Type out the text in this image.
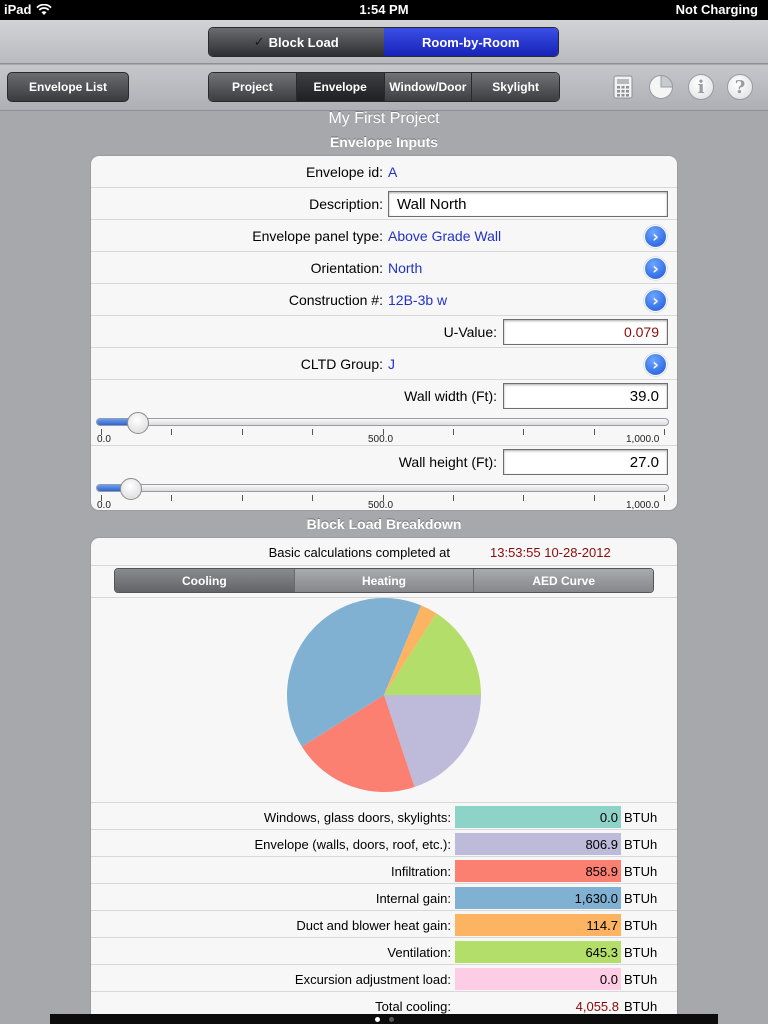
iPad	1:54 PM	Not Charging
✓ Block Load	Room-by-Room
Envelope List	Project	Envelope	Window/Door	Skylight	i	?
My First Project
Envelope Inputs
Envelope id: A
Description: Wall North
Envelope panel type: Above Grade Wall	›
Orientation: North	›
Construction #: 12B-3b w	›
U-Value:	0.079
CLTD Group: J	›
Wall width (Ft):	39.0
0.0	500.0	1,000.0
Wall height (Ft):	27.0
0.0	500.0	1,000.0
Block Load Breakdown
Basic calculations completed at	13:53:55 10-28-2012
Cooling	Heating	AED Curve
Windows, glass doors, skylights:	0.0 BTUh
Envelope (walls, doors, roof, etc.):	806.9 BTUh
Infiltration:	858.9 BTUh
Internal gain:	1,630.0 BTUh
Duct and blower heat gain:	114.7 BTUh
Ventilation:	645.3 BTUh
Excursion adjustment load:	0.0 BTUh
Total cooling:	4,055.8 BTUh
